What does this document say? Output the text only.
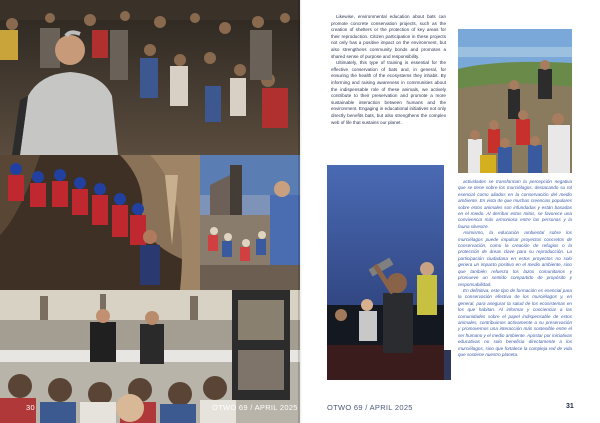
30	OTWO 69 / APRIL 2025

Likewise, environmental education about bats can promote concrete conservation projects, such as the creation of shelters or the protection of key areas for their reproduction. Citizen participation in these projects not only has a positive impact on the environment, but also strengthens community bonds and promotes a shared sense of purpose and responsibility.

Ultimately, this type of training is essential for the effective conservation of bats and, in general, for ensuring the health of the ecosystems they inhabit. By informing and raising awareness in communities about the indispensable role of these animals, we actively contribute to their preservation and promote a more sustainable interaction between humans and the environment. Engaging in educational initiatives not only directly benefits bats, but also strengthens the complex web of life that sustains our planet.

actividades se transforman la percepción negativa que se tiene sobre los murciélagos, destacando su rol esencial como aliados en la conservación del medio ambiente. En vista de que muchas creencias populares sobre estos animales son infundadas y están basadas en el miedo. Al derribar estos mitos, se favorece una convivencia más armoniosa entre las personas y la fauna silvestre.

Asimismo, la educación ambiental sobre los murciélagos puede impulsar proyectos concretos de conservación, como la creación de refugios o la protección de áreas clave para su reproducción. La participación ciudadana en estos proyectos no solo genera un impacto positivo en el medio ambiente, sino que también refuerza los lazos comunitarios y promueve un sentido compartido de propósito y responsabilidad.

En definitiva, este tipo de formación es esencial para la conservación efectiva de los murciélagos y, en general, para asegurar la salud de los ecosistemas en los que habitan. Al informar y concienciar a las comunidades sobre el papel indispensable de estos animales, contribuimos activamente a su preservación y promovemos una interacción más sostenible entre el ser humano y el medio ambiente. Apostar por iniciativas educativas no solo beneficia directamente a los murciélagos, sino que fortalece la compleja red de vida que sostiene nuestro planeta.

OTWO 69 / APRIL 2025	31
